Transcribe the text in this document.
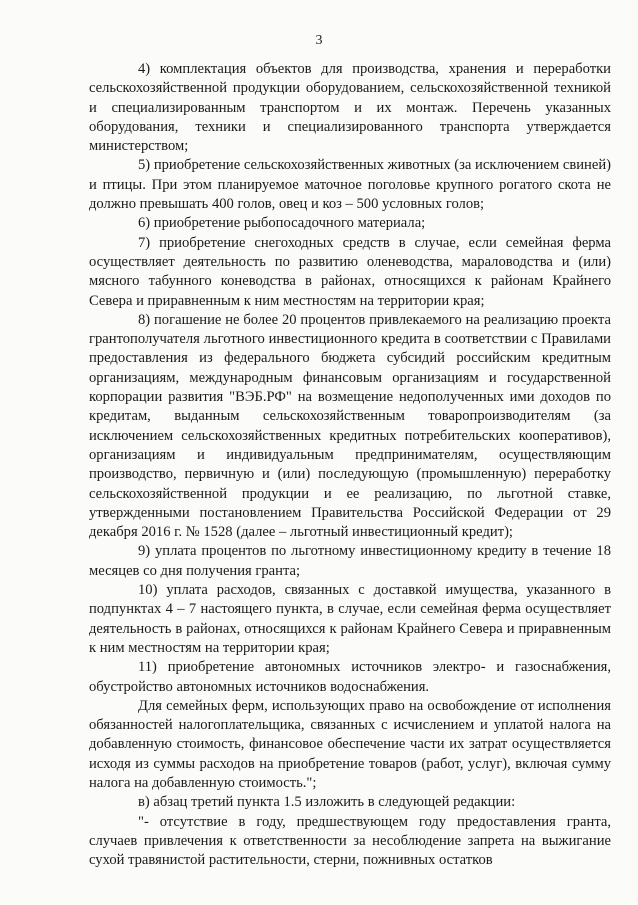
3

4) комплектация объектов для производства, хранения и переработки сельскохозяйственной продукции оборудованием, сельскохозяйственной техникой и специализированным транспортом и их монтаж. Перечень указанных оборудования, техники и специализированного транспорта утверждается министерством;

5) приобретение сельскохозяйственных животных (за исключением свиней) и птицы. При этом планируемое маточное поголовье крупного рогатого скота не должно превышать 400 голов, овец и коз – 500 условных голов;

6) приобретение рыбопосадочного материала;

7) приобретение снегоходных средств в случае, если семейная ферма осуществляет деятельность по развитию оленеводства, мараловодства и (или) мясного табунного коневодства в районах, относящихся к районам Крайнего Севера и приравненным к ним местностям на территории края;

8) погашение не более 20 процентов привлекаемого на реализацию проекта грантополучателя льготного инвестиционного кредита в соответствии с Правилами предоставления из федерального бюджета субсидий российским кредитным организациям, международным финансовым организациям и государственной корпорации развития "ВЭБ.РФ" на возмещение недополученных ими доходов по кредитам, выданным сельскохозяйственным товаропроизводителям (за исключением сельскохозяйственных кредитных потребительских кооперативов), организациям и индивидуальным предпринимателям, осуществляющим производство, первичную и (или) последующую (промышленную) переработку сельскохозяйственной продукции и ее реализацию, по льготной ставке, утвержденными постановлением Правительства Российской Федерации от 29 декабря 2016 г. № 1528 (далее – льготный инвестиционный кредит);

9) уплата процентов по льготному инвестиционному кредиту в течение 18 месяцев со дня получения гранта;

10) уплата расходов, связанных с доставкой имущества, указанного в подпунктах 4 – 7 настоящего пункта, в случае, если семейная ферма осуществляет деятельность в районах, относящихся к районам Крайнего Севера и приравненным к ним местностям на территории края;

11) приобретение автономных источников электро- и газоснабжения, обустройство автономных источников водоснабжения.

Для семейных ферм, использующих право на освобождение от исполнения обязанностей налогоплательщика, связанных с исчислением и уплатой налога на добавленную стоимость, финансовое обеспечение части их затрат осуществляется исходя из суммы расходов на приобретение товаров (работ, услуг), включая сумму налога на добавленную стоимость.";

в) абзац третий пункта 1.5 изложить в следующей редакции:

"- отсутствие в году, предшествующем году предоставления гранта, случаев привлечения к ответственности за несоблюдение запрета на выжигание сухой травянистой растительности, стерни, пожнивных остатков
